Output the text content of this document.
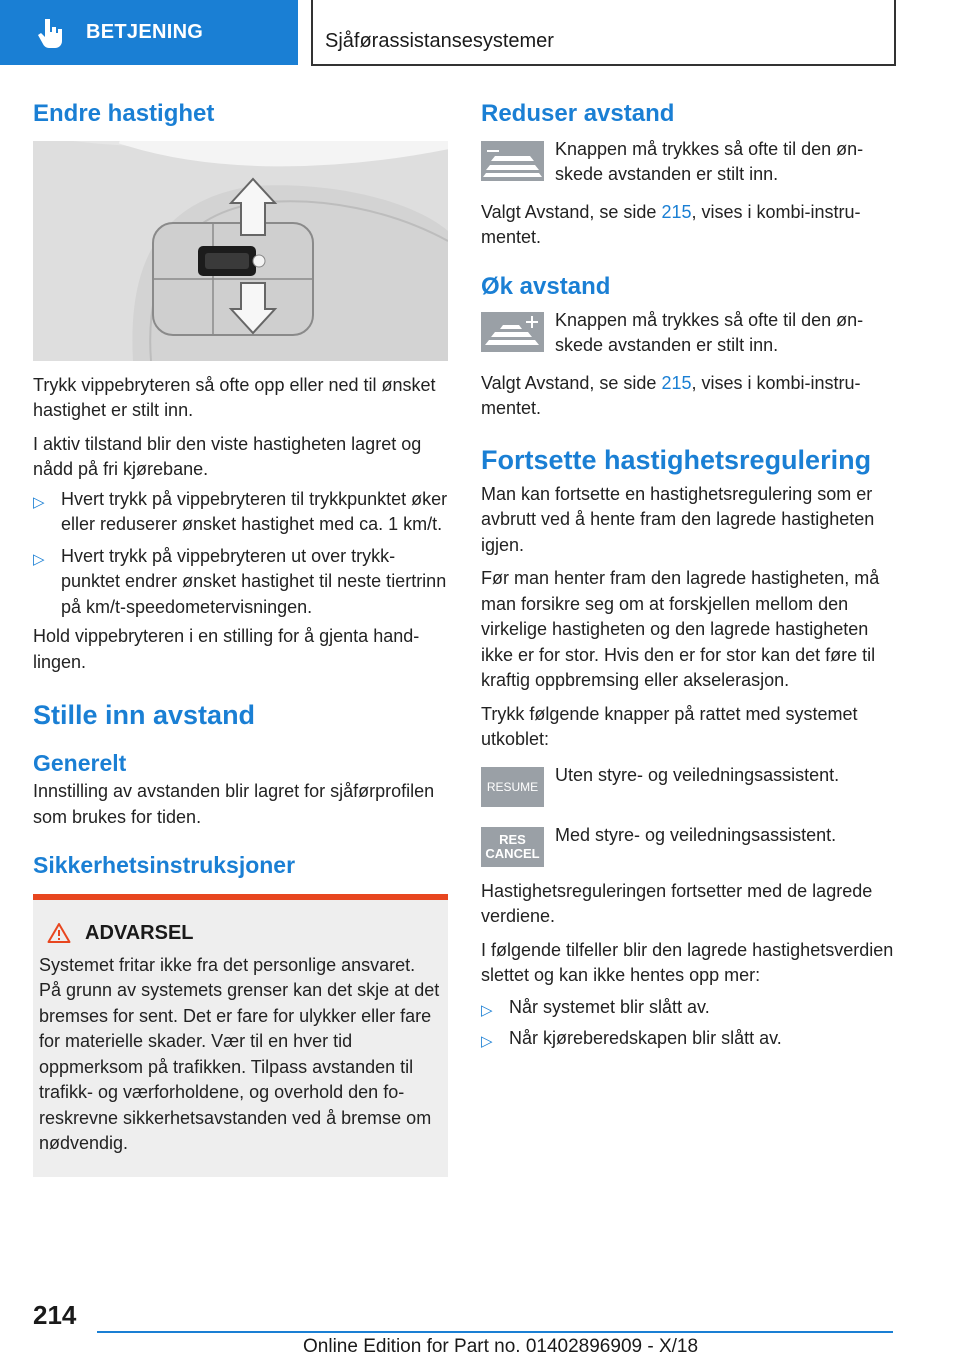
BETJENING	Sjåførassistansesystemer
Endre hastighet

Trykk vippebryteren så ofte opp eller ned til ønsket hastighet er stilt inn.

I aktiv tilstand blir den viste hastigheten lagret og nådd på fri kjørebane.

▷ Hvert trykk på vippebryteren til trykkpunktet øker eller reduserer ønsket hastighet med ca. 1 km/t.
▷ Hvert trykk på vippebryteren ut over trykkpunktet endrer ønsket hastighet til neste tiertrinn på km/t-speedometervisningen.

Hold vippebryteren i en stilling for å gjenta handlingen.

Stille inn avstand
Generelt

Innstilling av avstanden blir lagret for sjåførprofilen som brukes for tiden.

Sikkerhetsinstruksjoner
ADVARSEL

Systemet fritar ikke fra det personlige ansvaret. På grunn av systemets grenser kan det skje at det bremses for sent. Det er fare for ulykker eller fare for materielle skader. Vær til en hver tid oppmerksom på trafikken. Tilpass avstanden til trafikk- og værforholdene, og overhold den foreskrevne sikkerhetsavstanden ved å bremse om nødvendig.

Reduser avstand

Knappen må trykkes så ofte til den ønskede avstanden er stilt inn.

Valgt Avstand, se side 215, vises i kombi-instrumentet.

Øk avstand

Knappen må trykkes så ofte til den ønskede avstanden er stilt inn.

Valgt Avstand, se side 215, vises i kombi-instrumentet.

Fortsette hastighetsregulering

Man kan fortsette en hastighetsregulering som er avbrutt ved å hente fram den lagrede hastigheten igjen.

Før man henter fram den lagrede hastigheten, må man forsikre seg om at forskjellen mellom den virkelige hastigheten og den lagrede hastigheten ikke er for stor. Hvis den er for stor kan det føre til kraftig oppbremsing eller akselerasjon.

Trykk følgende knapper på rattet med systemet utkoblet:

RESUME

Uten styre- og veiledningsassistent.

RES
CANCEL

Med styre- og veiledningsassistent.

Hastighetsreguleringen fortsetter med de lagrede verdiene.

I følgende tilfeller blir den lagrede hastighetsverdien slettet og kan ikke hentes opp mer:

▷ Når systemet blir slått av.
▷ Når kjøreberedskapen blir slått av.
214
Online Edition for Part no. 01402896909 - X/18
